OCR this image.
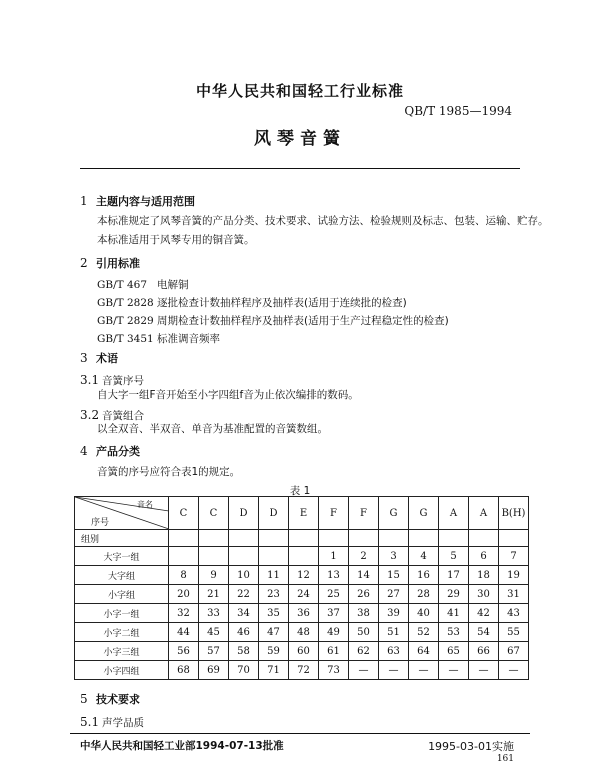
中华人民共和国轻工行业标准
QB/T 1985—1994
风琴音簧
1 主题内容与适用范围
本标准规定了风琴音簧的产品分类、技术要求、试验方法、检验规则及标志、包装、运输、贮存。
本标准适用于风琴专用的铜音簧。
2 引用标准
GB/T 467 电解铜
GB/T 2828 逐批检查计数抽样程序及抽样表(适用于连续批的检查)
GB/T 2829 周期检查计数抽样程序及抽样表(适用于生产过程稳定性的检查)
GB/T 3451 标准调音频率
3 术语
3.1 音簧序号
自大字一组F音开始至小字四组f音为止依次编排的数码。
3.2 音簧组合
以全双音、半双音、单音为基准配置的音簧数组。
4 产品分类
音簧的序号应符合表1的规定。
表 1
音名
序号	C	C	D	D	E	F	F	G	G	A	A	B(H)
组别												
大字一组						1	2	3	4	5	6	7
大字组	8	9	10	11	12	13	14	15	16	17	18	19
小字组	20	21	22	23	24	25	26	27	28	29	30	31
小字一组	32	33	34	35	36	37	38	39	40	41	42	43
小字二组	44	45	46	47	48	49	50	51	52	53	54	55
小字三组	56	57	58	59	60	61	62	63	64	65	66	67
小字四组	68	69	70	71	72	73	—	—	—	—	—	—
5 技术要求
5.1 声学品质
中华人民共和国轻工业部1994-07-13批准	1995-03-01实施
161
